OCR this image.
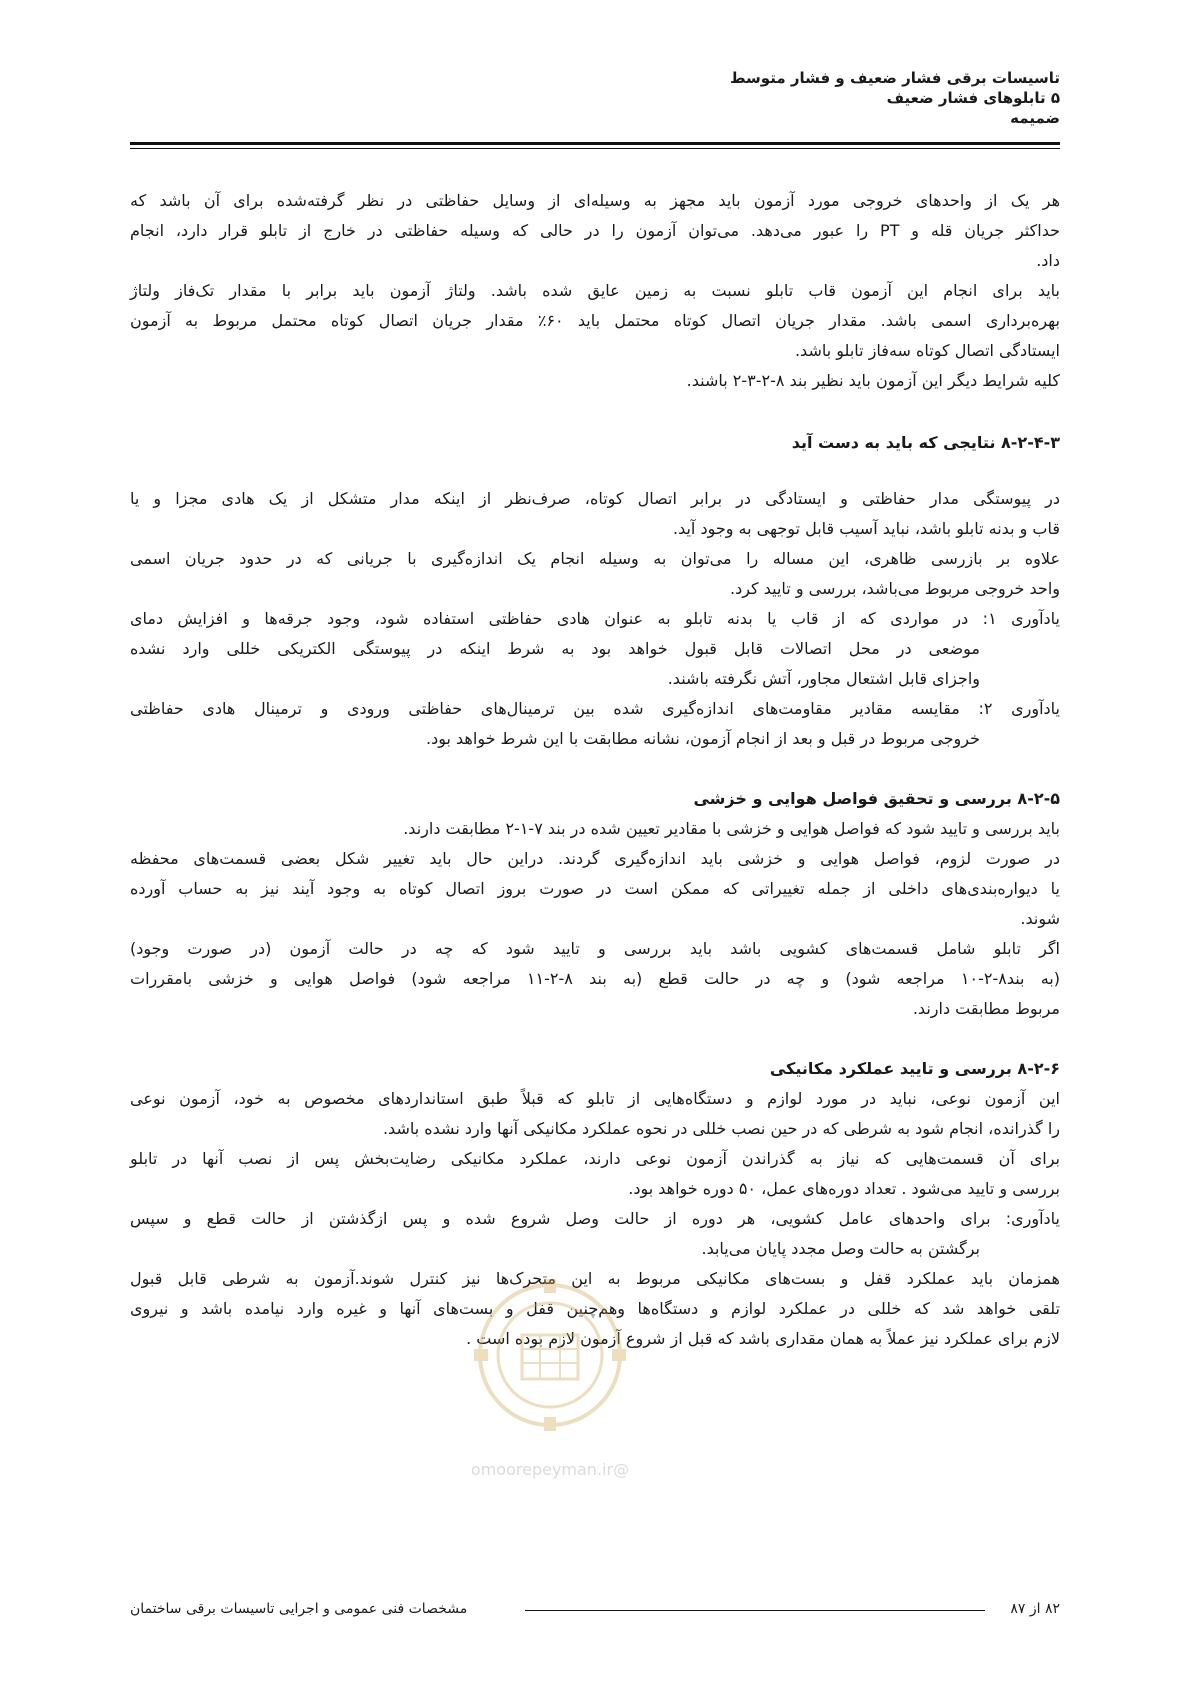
تاسیسات برقی فشار ضعیف و فشار متوسط
۵ تابلوهای فشار ضعیف
ضمیمه

هر یک از واحدهای خروجی مورد آزمون باید مجهز به وسیله‌ای از وسایل حفاظتی در نظر گرفته‌شده برای آن باشد که

حداکثر جریان قله و PT را عبور می‌دهد. می‌توان آزمون را در حالی که وسیله حفاظتی در خارج از تابلو قرار دارد، انجام

داد.

باید برای انجام این آزمون قاب تابلو نسبت به زمین عایق شده باشد. ولتاژ آزمون باید برابر با مقدار تک‌فاز ولتاژ

بهره‌برداری اسمی باشد. مقدار جریان اتصال کوتاه محتمل باید ۶۰٪ مقدار جریان اتصال کوتاه محتمل مربوط به آزمون

ایستادگی اتصال کوتاه سه‌فاز تابلو باشد.

کلیه شرایط دیگر این آزمون باید نظیر بند ۸-۲-۳-۲ باشند.

۸-۲-۴-۳ نتایجی که باید به دست آید

در پیوستگی مدار حفاظتی و ایستادگی در برابر اتصال کوتاه، صرف‌نظر از اینکه مدار متشکل از یک هادی مجزا و یا

قاب و بدنه تابلو باشد، نباید آسیب قابل توجهی به وجود آید.

علاوه بر بازرسی ظاهری، این مساله را می‌توان به وسیله انجام یک اندازه‌گیری با جریانی که در حدود جریان اسمی

واحد خروجی مربوط می‌باشد، بررسی و تایید کرد.

یادآوری ۱: در مواردی که از قاب یا بدنه تابلو به عنوان هادی حفاظتی استفاده شود، وجود جرقه‌ها و افزایش دمای

موضعی در محل اتصالات قابل قبول خواهد بود به شرط اینکه در پیوستگی الکتریکی خللی وارد نشده

واجزای قابل اشتعال مجاور، آتش نگرفته باشند.

یادآوری ۲: مقایسه مقادیر مقاومت‌های اندازه‌گیری شده بین ترمینال‌های حفاظتی ورودی و ترمینال هادی حفاظتی

خروجی مربوط در قبل و بعد از انجام آزمون، نشانه مطابقت با این شرط خواهد بود.

۸-۲-۵ بررسی و تحقیق فواصل هوایی و خزشی

باید بررسی و تایید شود که فواصل هوایی و خزشی با مقادیر تعیین شده در بند ۷-۱-۲ مطابقت دارند.

در صورت لزوم، فواصل هوایی و خزشی باید اندازه‌گیری گردند. دراین حال باید تغییر شکل بعضی قسمت‌های محفظه

یا دیواره‌بندی‌های داخلی از جمله تغییراتی که ممکن است در صورت بروز اتصال کوتاه به وجود آیند نیز به حساب آورده

شوند.

اگر تابلو شامل قسمت‌های کشویی باشد باید بررسی و تایید شود که چه در حالت آزمون (در صورت وجود)

(به بند۸-۲-۱۰ مراجعه شود) و چه در حالت قطع (به بند ۸-۲-۱۱ مراجعه شود) فواصل هوایی و خزشی بامقررات

مربوط مطابقت دارند.

۸-۲-۶ بررسی و تایید عملکرد مکانیکی

این آزمون نوعی، نباید در مورد لوازم و دستگاه‌هایی از تابلو که قبلاً طبق استانداردهای مخصوص به خود، آزمون نوعی

را گذرانده، انجام شود به شرطی که در حین نصب خللی در نحوه عملکرد مکانیکی آنها وارد نشده باشد.

برای آن قسمت‌هایی که نیاز به گذراندن آزمون نوعی دارند، عملکرد مکانیکی رضایت‌بخش پس از نصب آنها در تابلو

بررسی و تایید می‌شود . تعداد دوره‌های عمل، ۵۰ دوره خواهد بود.

یادآوری: برای واحدهای عامل کشویی، هر دوره از حالت وصل شروع شده و پس ازگذشتن از حالت قطع و سپس

برگشتن به حالت وصل مجدد پایان می‌یابد.

همزمان باید عملکرد قفل و بست‌های مکانیکی مربوط به این متحرک‌ها نیز کنترل شوند.آزمون به شرطی قابل قبول

تلقی خواهد شد که خللی در عملکرد لوازم و دستگاه‌ها وهم‌چنین قفل و بست‌های آنها و غیره وارد نیامده باشد و نیروی

لازم برای عملکرد نیز عملاً به همان مقداری باشد که قبل از شروع آزمون لازم بوده است .

@omoorepeyman.ir
۸۲ از ۸۷
مشخصات فنی عمومی و اجرایی تاسیسات برقی ساختمان
